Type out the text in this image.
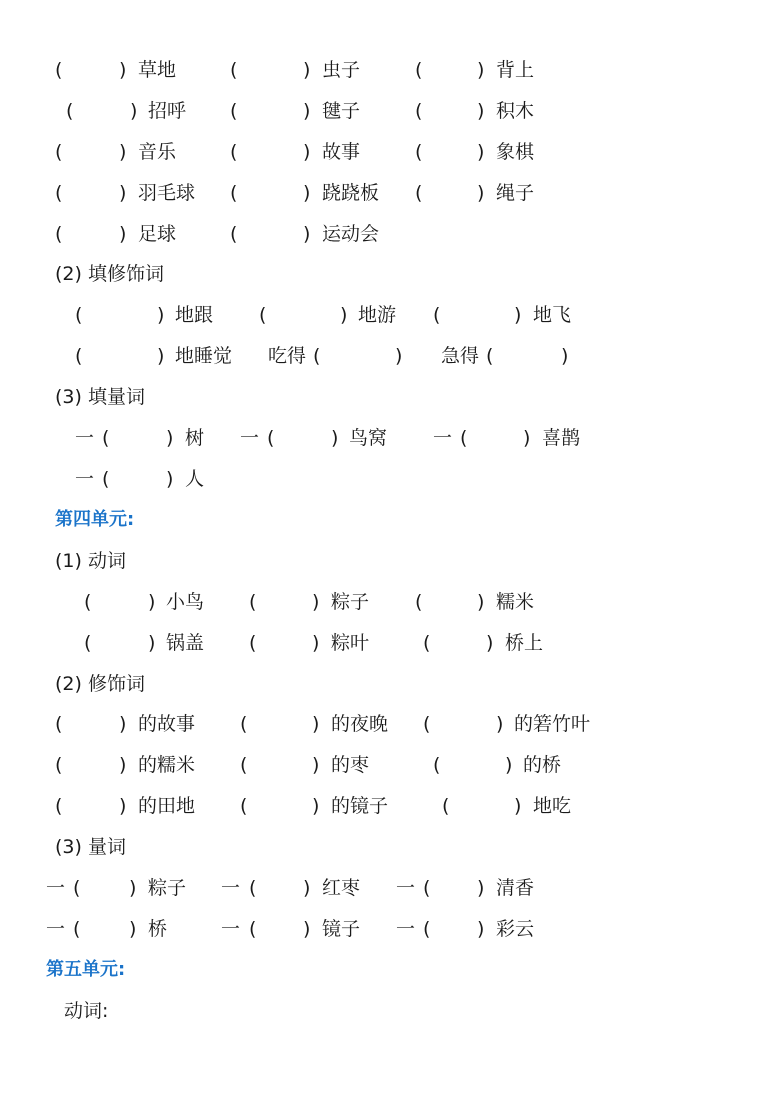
(	) 草地	(	) 虫子	(	) 背上
(	) 招呼 (	) 毽子	(	) 积木
(	) 音乐	(	) 故事	(	) 象棋
(	) 羽毛球 (	) 跷跷板 (	) 绳子
(	) 足球	(	) 运动会
(2) 填修饰词
(	) 地跟 (	) 地游 (	) 地飞
(	) 地睡觉 吃得 (	) 急得 (	)
(3) 填量词
一 (	) 树 一 (	) 鸟窝 一 (	) 喜鹊
一 (	) 人
第四单元:
(1) 动词
(	) 小鸟 (	) 粽子 (	) 糯米
(	) 锅盖 (	) 粽叶	(	) 桥上
(2) 修饰词
(	) 的故事 (	) 的夜晚 (	) 的箬竹叶
(	) 的糯米 (	) 的枣	(	) 的桥
(	) 的田地 (	) 的镜子	(	) 地吃
(3) 量词
一 (	) 粽子 一 ( ) 红枣 一 ( ) 清香
一 (	) 桥	一 ( ) 镜子 一 ( ) 彩云
第五单元:
动词:
